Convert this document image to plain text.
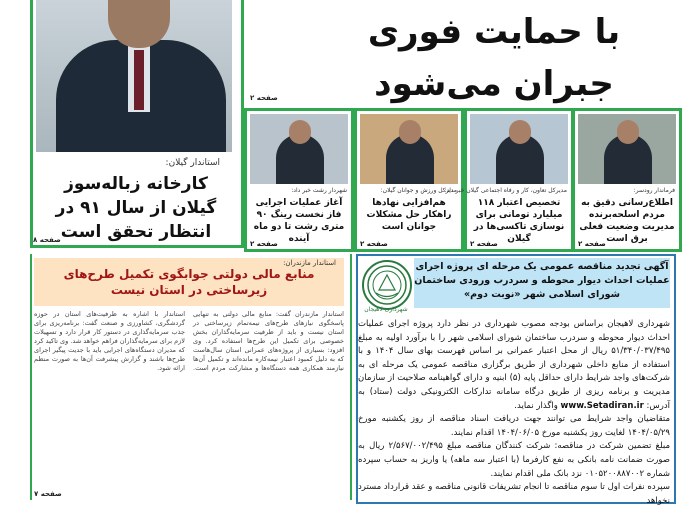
استاندار گیلان:
کارخانه زباله‌سوز گیلان از سال ۹۱ در انتظار تحقق است
صفحه ۸
با حمایت فوری جبران می‌شود
صفحه ۲
شهردار رشت خبر داد:
آغاز عملیات اجرایی فاز نخست رینگ ۹۰ متری رشت تا دو ماه آینده
صفحه ۲
مدیرکل ورزش و جوانان گیلان:
هم‌افزایی نهادها راهکار حل مشکلات جوانان است
صفحه ۲
مدیرکل تعاون، کار و رفاه اجتماعی گیلان خبر داد:
تخصیص اعتبار ۱۱۸ میلیارد تومانی برای نوسازی تاکسی‌ها در گیلان
صفحه ۲
فرماندار رودسر:
اطلاع‌رسانی دقیق به مردم اسلحه‌برنده مدیریت وضعیت فعلی برق است
صفحه ۲
استاندار مازندران:
منابع مالی دولتی جوابگوی تکمیل طرح‌های زیرساختی در استان نیست
استاندار مازندران گفت: منابع مالی دولتی به تنهایی پاسخگوی نیازهای طرح‌های نیمه‌تمام زیرساختی در استان نیست و باید از ظرفیت سرمایه‌گذاران بخش خصوصی برای تکمیل این طرح‌ها استفاده کرد. وی افزود: بسیاری از پروژه‌های عمرانی استان سال‌هاست که به دلیل کمبود اعتبار نیمه‌کاره مانده‌اند و تکمیل آن‌ها نیازمند همکاری همه دستگاه‌ها و مشارکت مردم است. استاندار با اشاره به ظرفیت‌های استان در حوزه گردشگری، کشاورزی و صنعت گفت: برنامه‌ریزی برای جذب سرمایه‌گذاری در دستور کار قرار دارد و تسهیلات لازم برای سرمایه‌گذاران فراهم خواهد شد. وی تاکید کرد که مدیران دستگاه‌های اجرایی باید با جدیت پیگیر اجرای طرح‌ها باشند و گزارش پیشرفت آن‌ها به صورت منظم ارائه شود.
صفحه ۷
آگهی تجدید مناقصه عمومی یک مرحله ای پروژه اجرای عملیات احداث دیوار محوطه و سردرب ورودی ساختمان شورای اسلامی شهر «نوبت دوم»
شهرداری لاهیجان
شهرداری لاهیجان براساس بودجه مصوب شهرداری در نظر دارد پروژه اجرای عملیات احداث دیوار محوطه و سردرب ساختمان شورای اسلامی شهر را با برآورد اولیه به مبلغ ۵۱/۳۴۰/۰۳۷/۴۹۵ ریال از محل اعتبار عمرانی بر اساس فهرست بهای سال ۱۴۰۴ و با استفاده از منابع داخلی شهرداری از طریق برگزاری مناقصه عمومی یک مرحله ای به شرکت‌های واجد شرایط دارای حداقل پایه (۵) ابنیه و دارای گواهینامه صلاحیت از سازمان مدیریت و برنامه ریزی از طریق درگاه سامانه تدارکات الکترونیکی دولت (ستاد) به آدرس: www.Setadiran.ir واگذار نماید.
متقاضیان واجد شرایط می توانند جهت دریافت اسناد مناقصه از روز یکشنبه مورخ ۱۴۰۴/۰۵/۲۹ لغایت روز یکشنبه مورخ ۱۴۰۴/۰۶/۰۵ اقدام نمایند.
مبلغ تضمین شرکت در مناقصه: شرکت کنندگان مناقصه مبلغ ۲/۵۶۷/۰۰۲/۴۹۵ ریال به صورت ضمانت نامه بانکی به نفع کارفرما (با اعتبار سه ماهه) یا واریز به حساب سپرده شماره ۰۱۰۵۲۰۰۸۸۷۰۰۲ نزد بانک ملی اقدام نمایند.
سپرده نفرات اول تا سوم مناقصه تا انجام تشریفات قانونی مناقصه و عقد قرارداد مسترد نخواهد
